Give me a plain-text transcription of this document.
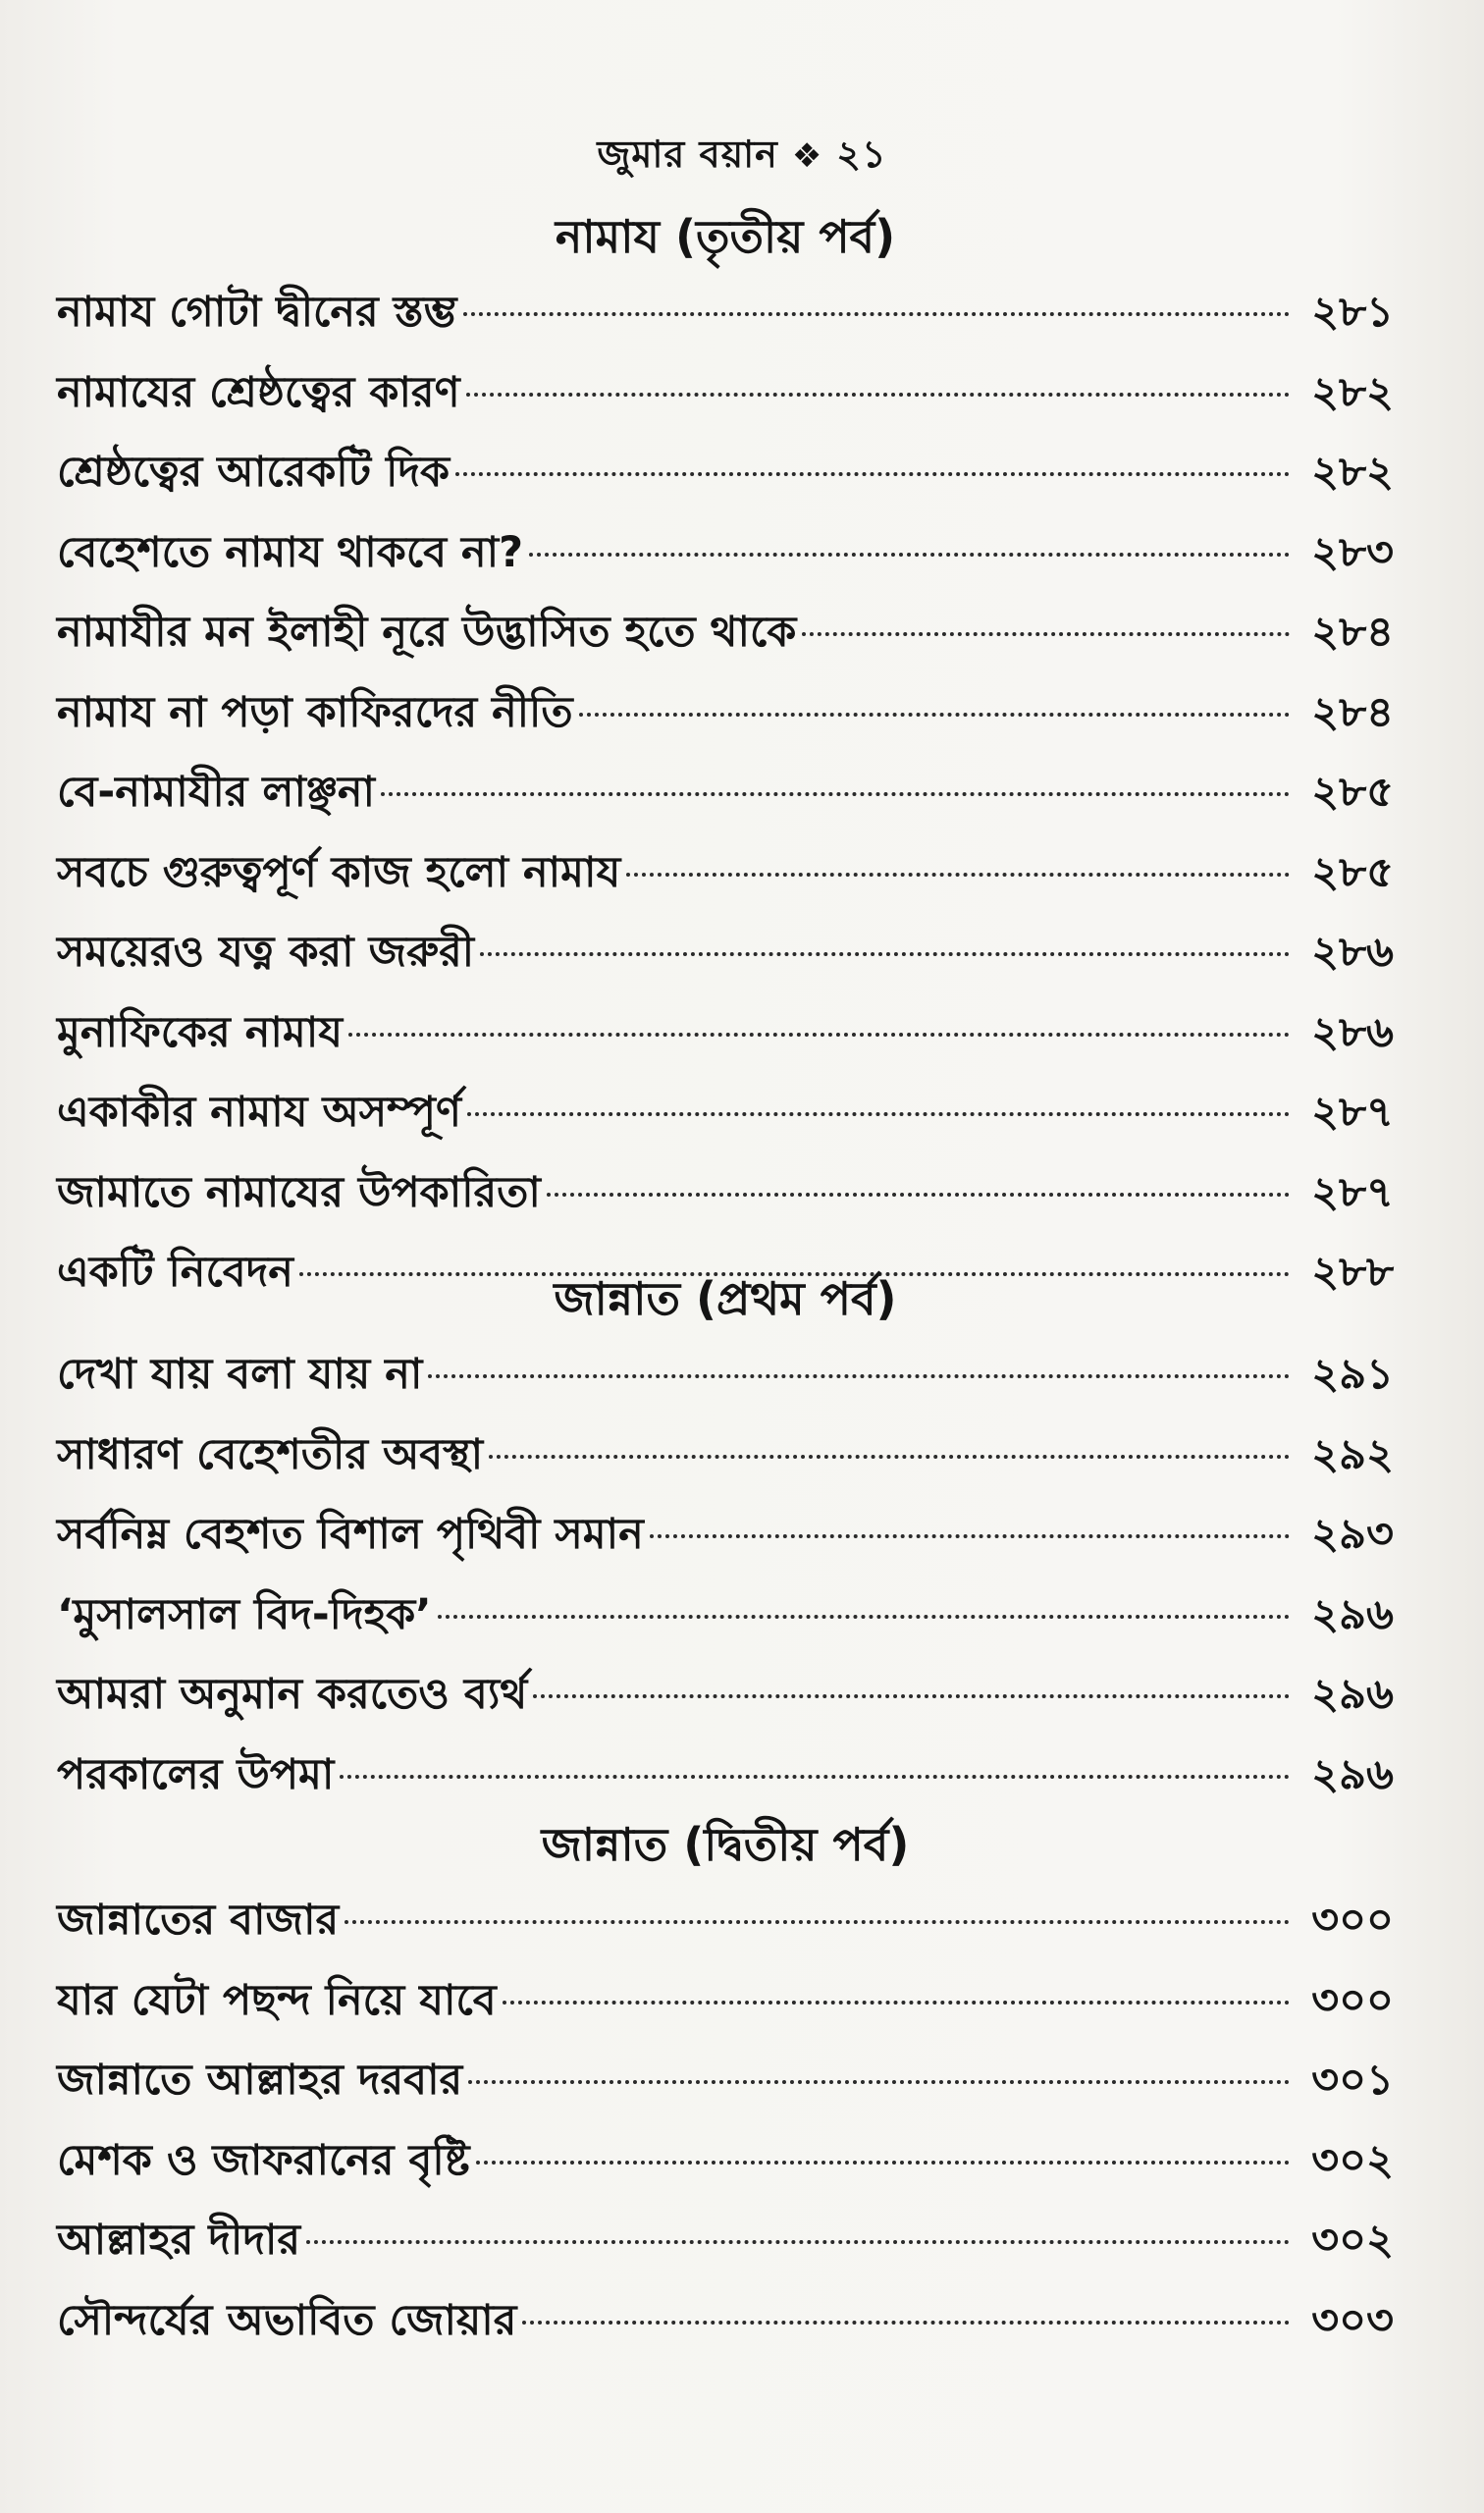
জুমার বয়ান ❖ ২১
নামায (তৃতীয় পর্ব)
নামায গোটা দ্বীনের স্তম্ভ	২৮১
নামাযের শ্রেষ্ঠত্বের কারণ	২৮২
শ্রেষ্ঠত্বের আরেকটি দিক	২৮২
বেহেশতে নামায থাকবে না?	২৮৩
নামাযীর মন ইলাহী নূরে উদ্ভাসিত হতে থাকে	২৮৪
নামায না পড়া কাফিরদের নীতি	২৮৪
বে-নামাযীর লাঞ্ছনা	২৮৫
সবচে গুরুত্বপূর্ণ কাজ হলো নামায	২৮৫
সময়েরও যত্ন করা জরুরী	২৮৬
মুনাফিকের নামায	২৮৬
একাকীর নামায অসম্পূর্ণ	২৮৭
জামাতে নামাযের উপকারিতা	২৮৭
একটি নিবেদন	২৮৮
জান্নাত (প্রথম পর্ব)
দেখা যায় বলা যায় না	২৯১
সাধারণ বেহেশতীর অবস্থা	২৯২
সর্বনিম্ন বেহশত বিশাল পৃথিবী সমান	২৯৩
‘মুসালসাল বিদ-দিহক’	২৯৬
আমরা অনুমান করতেও ব্যর্থ	২৯৬
পরকালের উপমা	২৯৬
জান্নাত (দ্বিতীয় পর্ব)
জান্নাতের বাজার	৩০০
যার যেটা পছন্দ নিয়ে যাবে	৩০০
জান্নাতে আল্লাহর দরবার	৩০১
মেশক ও জাফরানের বৃষ্টি	৩০২
আল্লাহর দীদার	৩০২
সৌন্দর্যের অভাবিত জোয়ার	৩০৩
